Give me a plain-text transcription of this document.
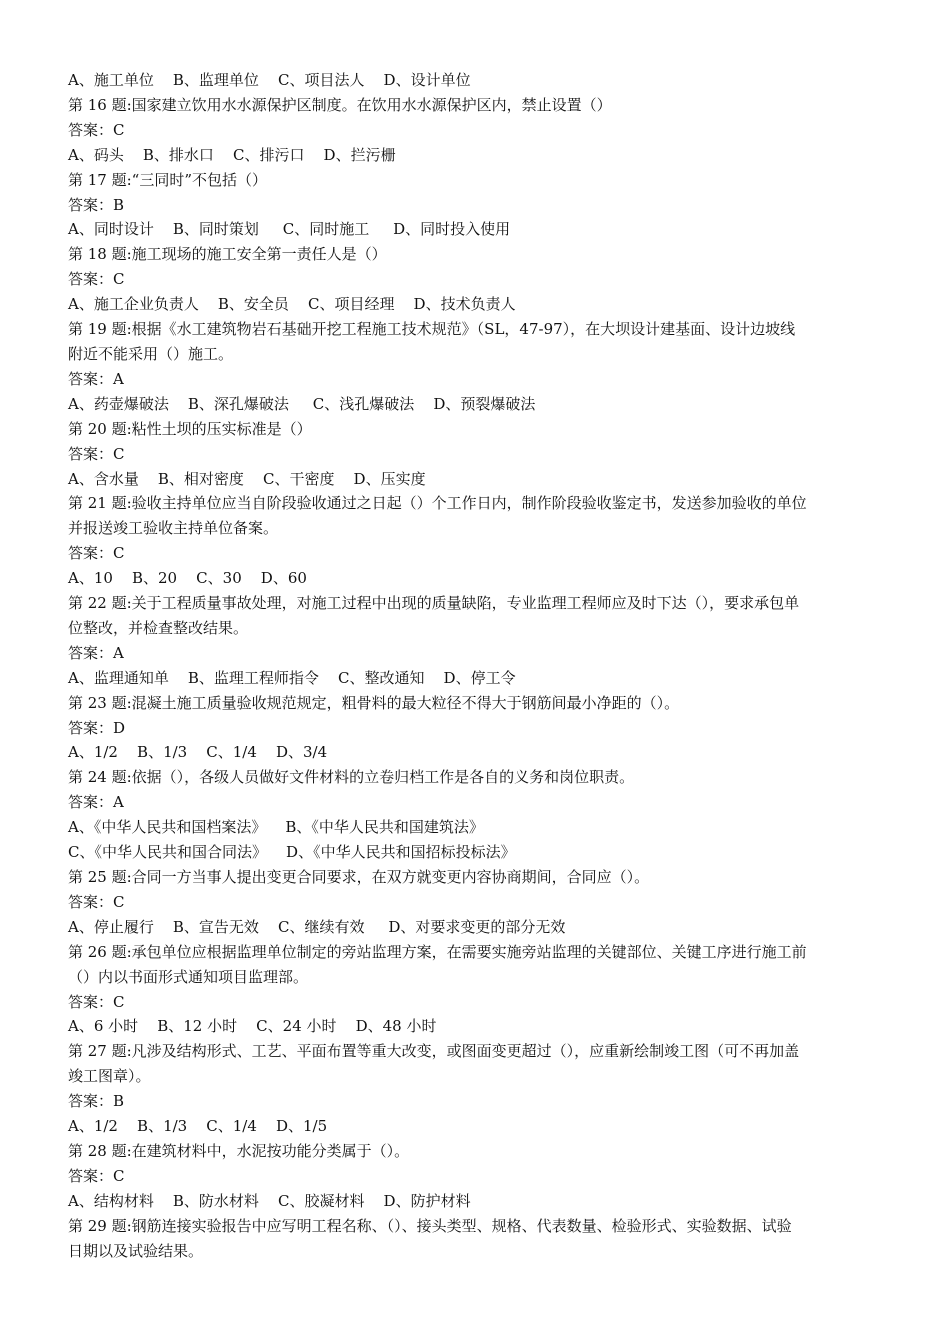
A、施工单位    B、监理单位    C、项目法人    D、设计单位
第 16 题:国家建立饮用水水源保护区制度。在饮用水水源保护区内，禁止设置（）
答案：C
A、码头    B、排水口    C、排污口    D、拦污栅
第 17 题:“三同时”不包括（）
答案：B
A、同时设计    B、同时策划     C、同时施工     D、同时投入使用
第 18 题:施工现场的施工安全第一责任人是（）
答案：C
A、施工企业负责人    B、安全员    C、项目经理    D、技术负责人
第 19 题:根据《水工建筑物岩石基础开挖工程施工技术规范》（SL，47-97），在大坝设计建基面、设计边坡线
附近不能采用（）施工。
答案：A
A、药壶爆破法    B、深孔爆破法     C、浅孔爆破法    D、预裂爆破法
第 20 题:粘性土坝的压实标准是（）
答案：C
A、含水量    B、相对密度    C、干密度    D、压实度
第 21 题:验收主持单位应当自阶段验收通过之日起（）个工作日内，制作阶段验收鉴定书，发送参加验收的单位
并报送竣工验收主持单位备案。
答案：C
A、10    B、20    C、30    D、60
第 22 题:关于工程质量事故处理，对施工过程中出现的质量缺陷，专业监理工程师应及时下达（），要求承包单
位整改，并检查整改结果。
答案：A
A、监理通知单    B、监理工程师指令    C、整改通知    D、停工令
第 23 题:混凝土施工质量验收规范规定，粗骨料的最大粒径不得大于钢筋间最小净距的（）。
答案：D
A、1/2    B、1/3    C、1/4    D、3/4
第 24 题:依据（），各级人员做好文件材料的立卷归档工作是各自的义务和岗位职责。
答案：A
A、《中华人民共和国档案法》    B、《中华人民共和国建筑法》
C、《中华人民共和国合同法》    D、《中华人民共和国招标投标法》
第 25 题:合同一方当事人提出变更合同要求，在双方就变更内容协商期间，合同应（）。
答案：C
A、停止履行    B、宣告无效    C、继续有效     D、对要求变更的部分无效
第 26 题:承包单位应根据监理单位制定的旁站监理方案，在需要实施旁站监理的关键部位、关键工序进行施工前
（）内以书面形式通知项目监理部。
答案：C
A、6 小时    B、12 小时    C、24 小时    D、48 小时
第 27 题:凡涉及结构形式、工艺、平面布置等重大改变，或图面变更超过（），应重新绘制竣工图（可不再加盖
竣工图章）。
答案：B
A、1/2    B、1/3    C、1/4    D、1/5
第 28 题:在建筑材料中，水泥按功能分类属于（）。
答案：C
A、结构材料    B、防水材料    C、胶凝材料    D、防护材料
第 29 题:钢筋连接实验报告中应写明工程名称、（）、接头类型、规格、代表数量、检验形式、实验数据、试验
日期以及试验结果。
